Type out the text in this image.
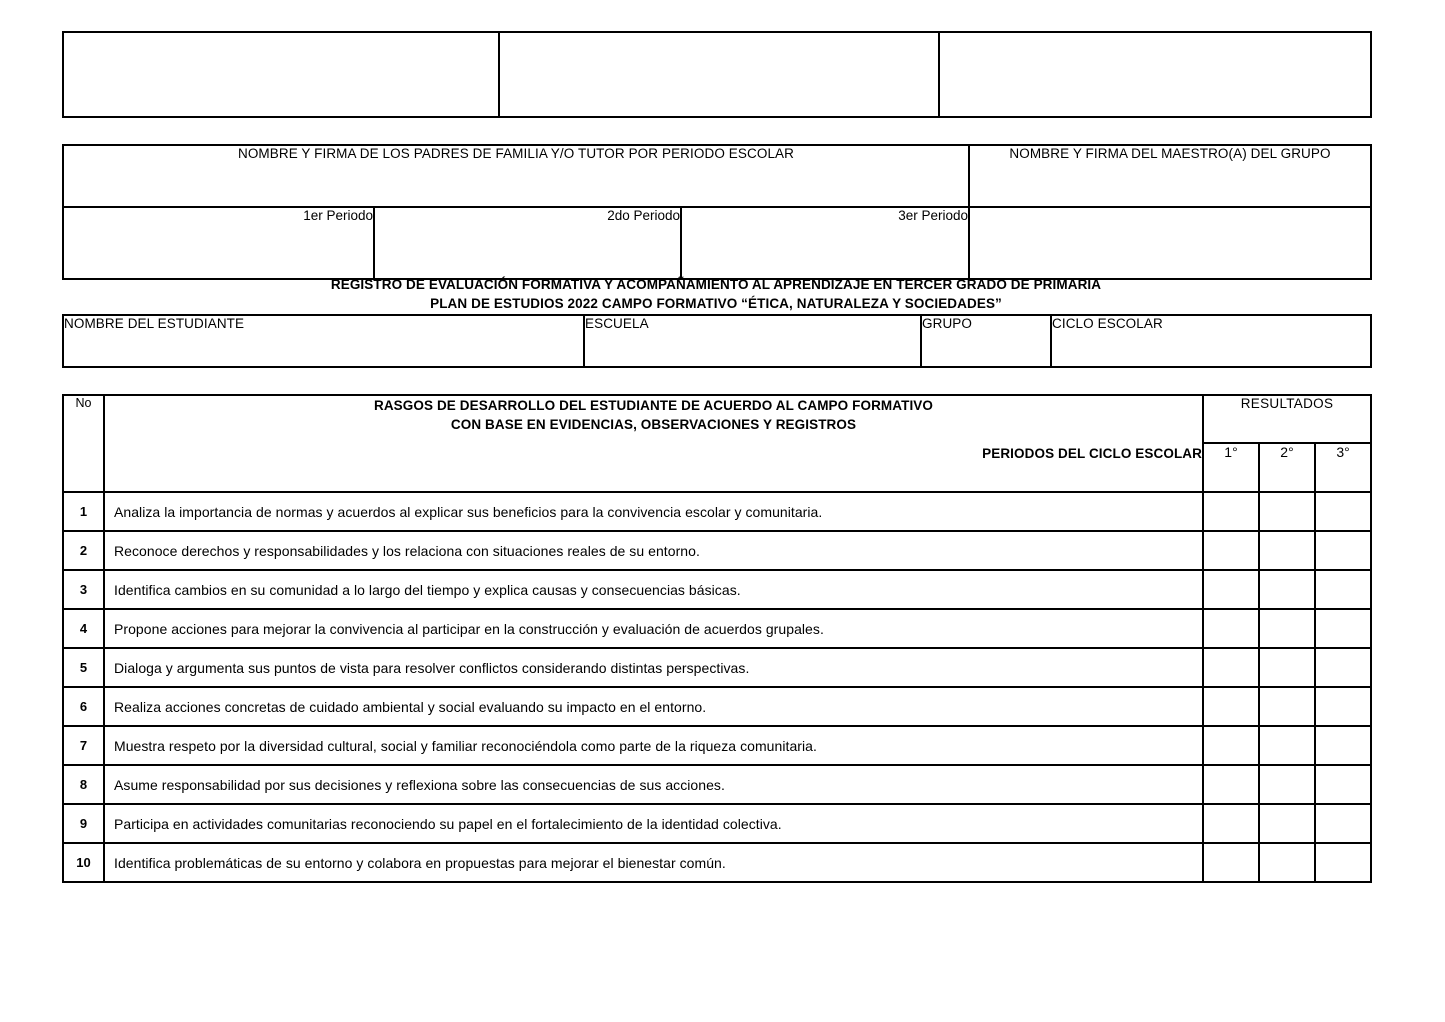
NOMBRE Y FIRMA DE LOS PADRES DE FAMILIA Y/O TUTOR POR PERIODO ESCOLAR			NOMBRE Y FIRMA DEL MAESTRO(A) DEL GRUPO
1er Periodo	2do Periodo	3er Periodo	
REGISTRO DE EVALUACIÓN FORMATIVA Y ACOMPAÑAMIENTO AL APRENDIZAJE EN TERCER GRADO DE PRIMARIA
PLAN DE ESTUDIOS 2022 CAMPO FORMATIVO “ÉTICA, NATURALEZA Y SOCIEDADES”
NOMBRE DEL ESTUDIANTE	ESCUELA	GRUPO	CICLO ESCOLAR
No	RASGOS DE DESARROLLO DEL ESTUDIANTE DE ACUERDO AL CAMPO FORMATIVO
CON BASE EN EVIDENCIAS, OBSERVACIONES Y REGISTROS
PERIODOS DEL CICLO ESCOLAR	RESULTADOS		
		1°	2°	3°
1	Analiza la importancia de normas y acuerdos al explicar sus beneficios para la convivencia escolar y comunitaria.			
2	Reconoce derechos y responsabilidades y los relaciona con situaciones reales de su entorno.			
3	Identifica cambios en su comunidad a lo largo del tiempo y explica causas y consecuencias básicas.			
4	Propone acciones para mejorar la convivencia al participar en la construcción y evaluación de acuerdos grupales.			
5	Dialoga y argumenta sus puntos de vista para resolver conflictos considerando distintas perspectivas.			
6	Realiza acciones concretas de cuidado ambiental y social evaluando su impacto en el entorno.			
7	Muestra respeto por la diversidad cultural, social y familiar reconociéndola como parte de la riqueza comunitaria.			
8	Asume responsabilidad por sus decisiones y reflexiona sobre las consecuencias de sus acciones.			
9	Participa en actividades comunitarias reconociendo su papel en el fortalecimiento de la identidad colectiva.			
10	Identifica problemáticas de su entorno y colabora en propuestas para mejorar el bienestar común.			
